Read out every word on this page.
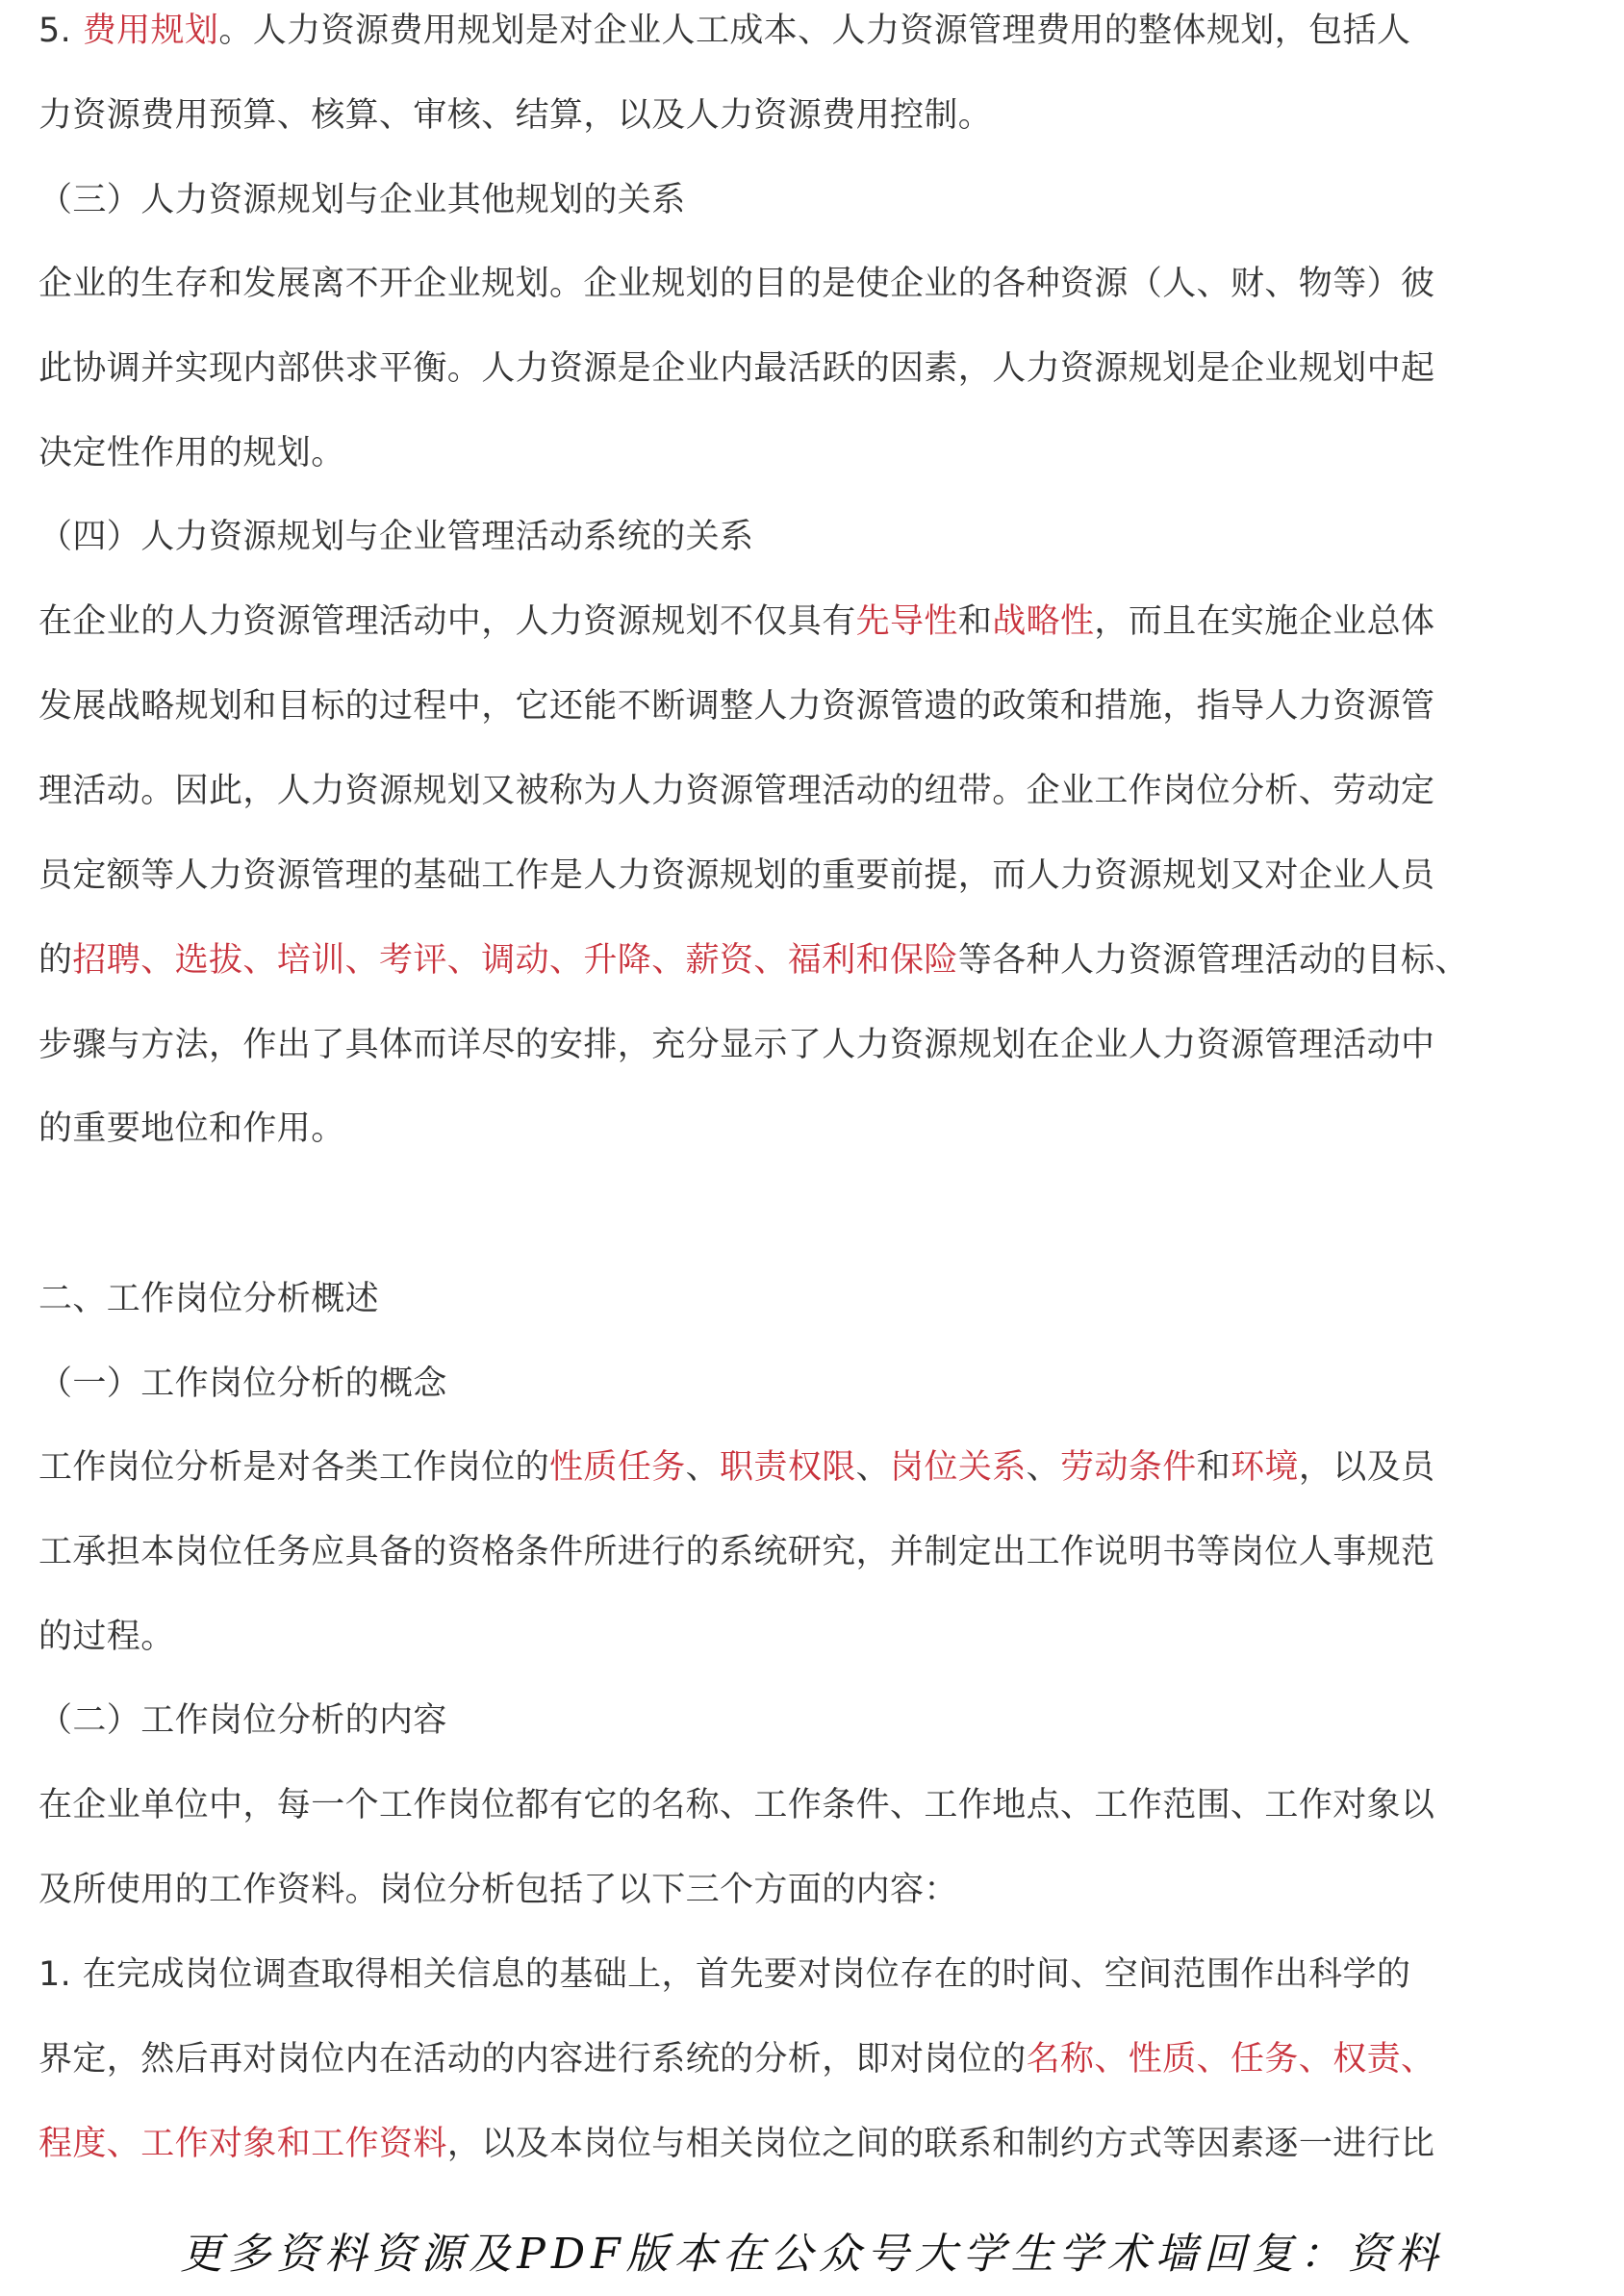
5. 费用规划。人力资源费用规划是对企业人工成本、人力资源管理费用的整体规划，包括人
力资源费用预算、核算、审核、结算，以及人力资源费用控制。
（三）人力资源规划与企业其他规划的关系
企业的生存和发展离不开企业规划。企业规划的目的是使企业的各种资源（人、财、物等）彼
此协调并实现内部供求平衡。人力资源是企业内最活跃的因素，人力资源规划是企业规划中起
决定性作用的规划。
（四）人力资源规划与企业管理活动系统的关系
在企业的人力资源管理活动中，人力资源规划不仅具有先导性和战略性，而且在实施企业总体
发展战略规划和目标的过程中，它还能不断调整人力资源管遗的政策和措施，指导人力资源管
理活动。因此，人力资源规划又被称为人力资源管理活动的纽带。企业工作岗位分析、劳动定
员定额等人力资源管理的基础工作是人力资源规划的重要前提，而人力资源规划又对企业人员
的招聘、选拔、培训、考评、调动、升降、薪资、福利和保险等各种人力资源管理活动的目标、
步骤与方法，作出了具体而详尽的安排，充分显示了人力资源规划在企业人力资源管理活动中
的重要地位和作用。
二、工作岗位分析概述
（一）工作岗位分析的概念
工作岗位分析是对各类工作岗位的性质任务、职责权限、岗位关系、劳动条件和环境，以及员
工承担本岗位任务应具备的资格条件所进行的系统研究，并制定出工作说明书等岗位人事规范
的过程。
（二）工作岗位分析的内容
在企业单位中，每一个工作岗位都有它的名称、工作条件、工作地点、工作范围、工作对象以
及所使用的工作资料。岗位分析包括了以下三个方面的内容：
1. 在完成岗位调查取得相关信息的基础上，首先要对岗位存在的时间、空间范围作出科学的
界定，然后再对岗位内在活动的内容进行系统的分析，即对岗位的名称、性质、任务、权责、
程度、工作对象和工作资料，以及本岗位与相关岗位之间的联系和制约方式等因素逐一进行比
更多资料资源及PDF版本在公众号大学生学术墙回复：资料
